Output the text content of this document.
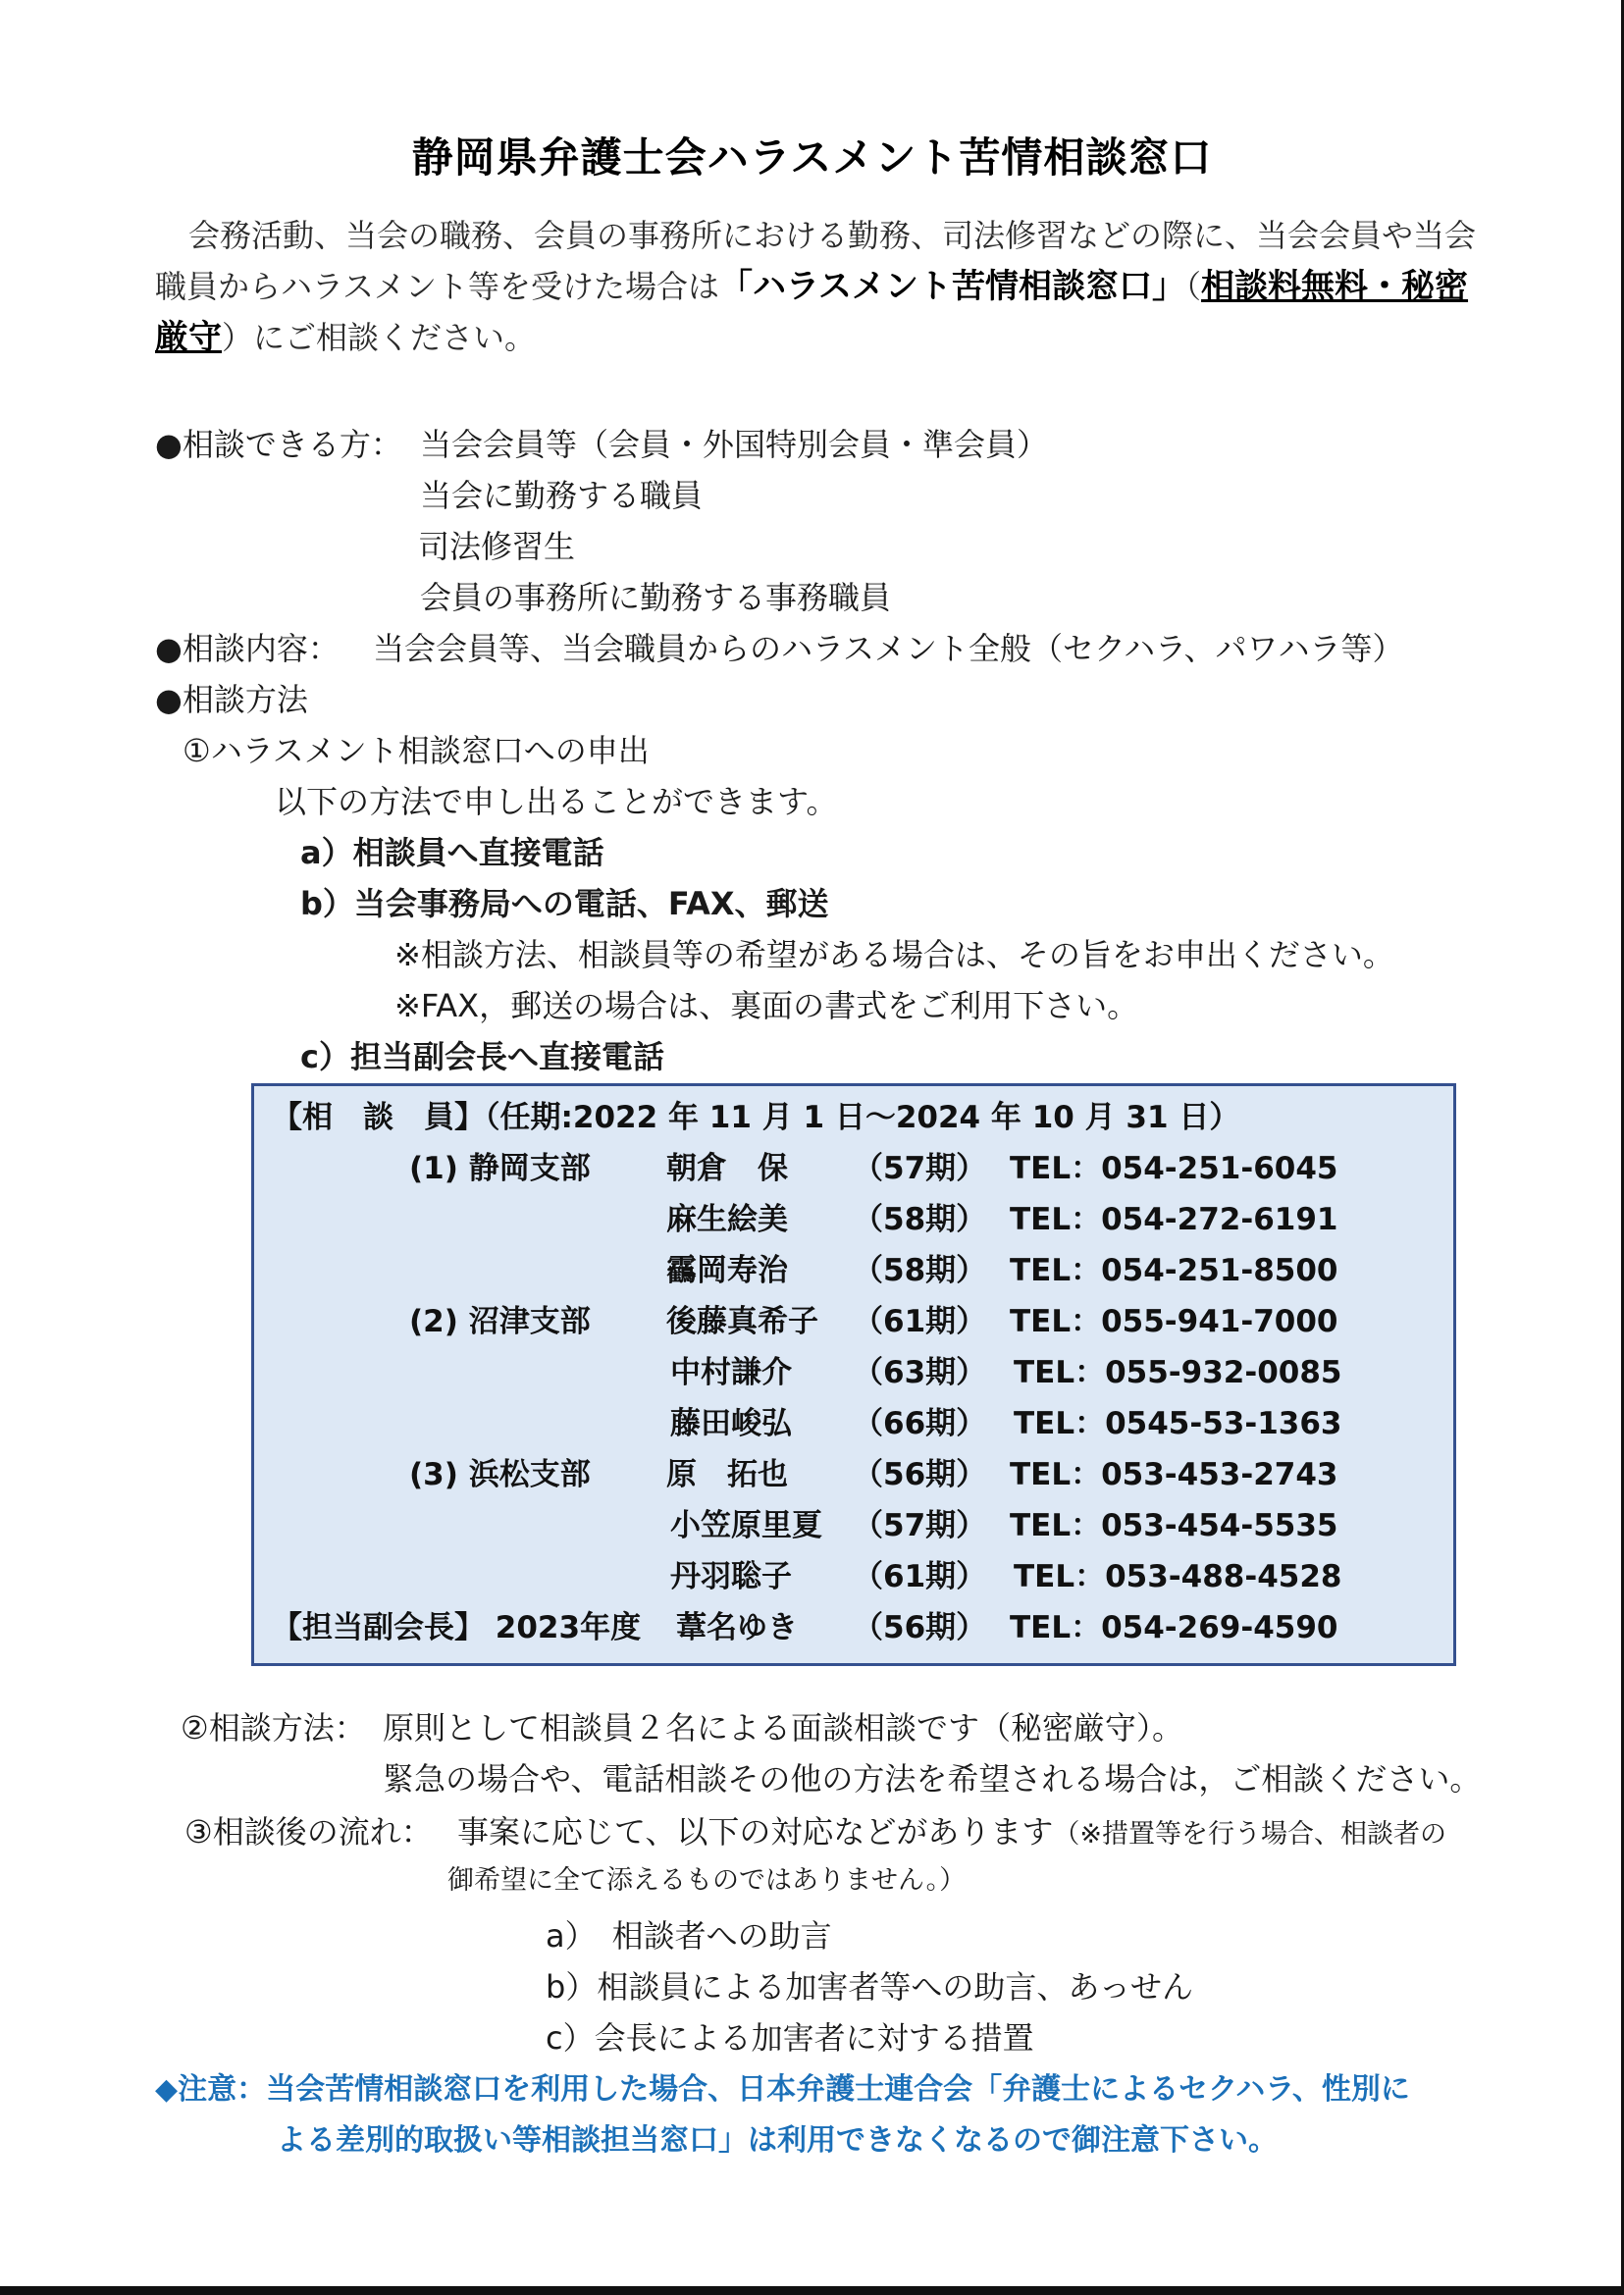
静岡県弁護士会ハラスメント苦情相談窓口
会務活動、当会の職務、会員の事務所における勤務、司法修習などの際に、当会会員や当会職員からハラスメント等を受けた場合は「ハラスメント苦情相談窓口」（相談料無料・秘密厳守）にご相談ください。
●相談できる方： 当会会員等（会員・外国特別会員・準会員）
当会に勤務する職員
司法修習生
会員の事務所に勤務する事務職員
●相談内容： 当会会員等、当会職員からのハラスメント全般（セクハラ、パワハラ等）
●相談方法
①ハラスメント相談窓口への申出
以下の方法で申し出ることができます。
a）相談員へ直接電話
b）当会事務局への電話、FAX、郵送
※相談方法、相談員等の希望がある場合は、その旨をお申出ください。
※FAX，郵送の場合は、裏面の書式をご利用下さい。
c）担当副会長へ直接電話
【相　談　員】（任期:2022 年 11 月 1 日～2024 年 10 月 31 日）
(1) 静岡支部 朝倉　保 （57期） TEL：054-251-6045
麻生絵美 （58期） TEL：054-272-6191
靏岡寿治 （58期） TEL：054-251-8500
(2) 沼津支部 後藤真希子 （61期） TEL：055-941-7000
中村謙介 （63期） TEL：055-932-0085
藤田峻弘 （66期） TEL：0545-53-1363
(3) 浜松支部 原　拓也 （56期） TEL：053-453-2743
小笠原里夏 （57期） TEL：053-454-5535
丹羽聡子 （61期） TEL：053-488-4528
【担当副会長】 2023年度 葦名ゆき （56期） TEL：054-269-4590
②相談方法： 原則として相談員２名による面談相談です（秘密厳守）。
緊急の場合や、電話相談その他の方法を希望される場合は，ご相談ください。
③相談後の流れ： 事案に応じて、以下の対応などがあります（※措置等を行う場合、相談者の
御希望に全て添えるものではありません。）
a）　相談者への助言
b）相談員による加害者等への助言、あっせん
c）会長による加害者に対する措置
◆注意：当会苦情相談窓口を利用した場合、日本弁護士連合会「弁護士によるセクハラ、性別に
よる差別的取扱い等相談担当窓口」は利用できなくなるので御注意下さい。
